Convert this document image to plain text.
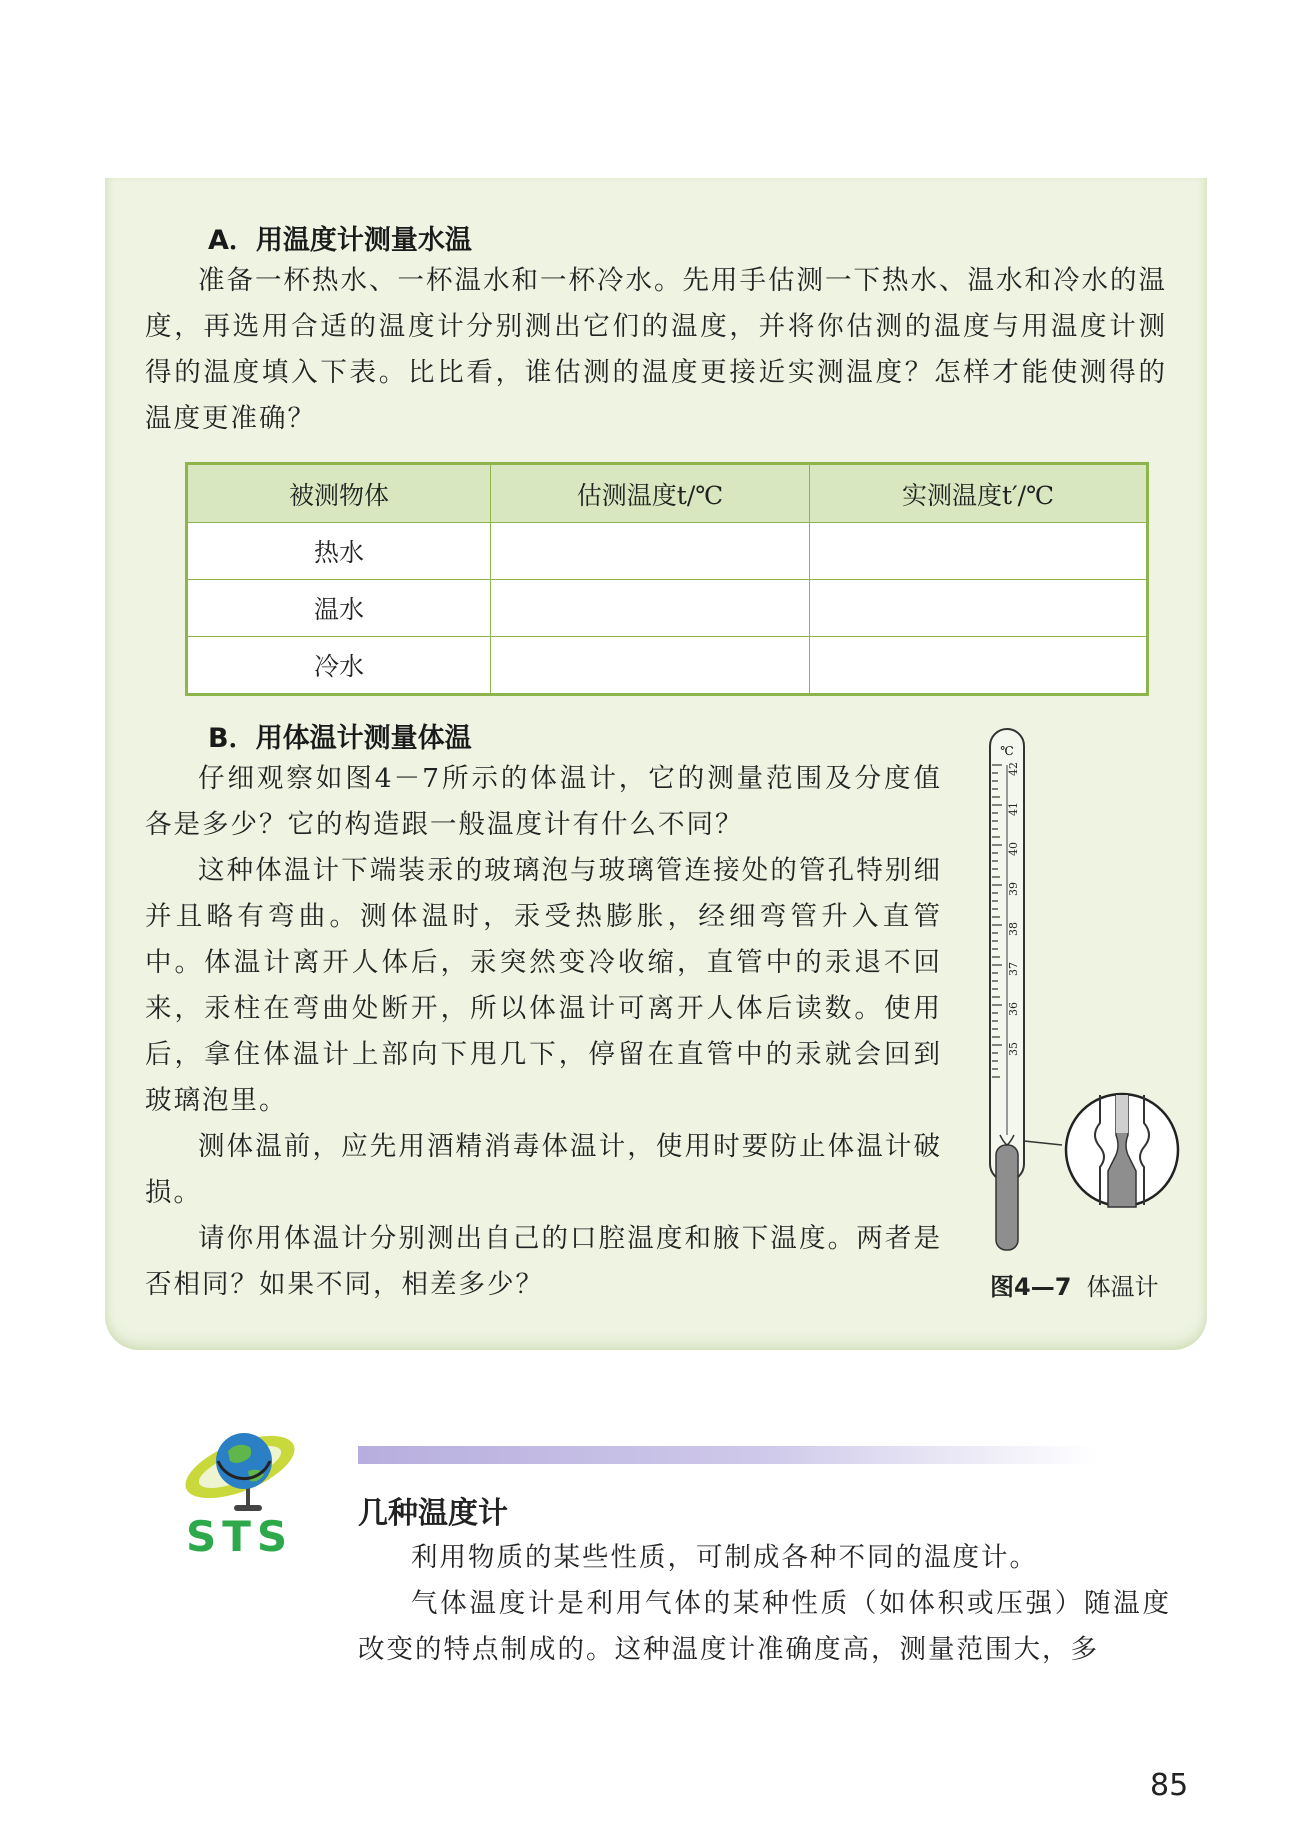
A．用温度计测量水温

准备一杯热水、一杯温水和一杯冷水。先用手估测一下热水、温水和冷水的温度，再选用合适的温度计分别测出它们的温度，并将你估测的温度与用温度计测得的温度填入下表。比比看，谁估测的温度更接近实测温度？怎样才能使测得的温度更准确？

被测物体	估测温度t/℃	实测温度t′/℃
热水		
温水		
冷水		
B．用体温计测量体温

仔细观察如图4－7所示的体温计，它的测量范围及分度值各是多少？它的构造跟一般温度计有什么不同？

这种体温计下端装汞的玻璃泡与玻璃管连接处的管孔特别细并且略有弯曲。测体温时，汞受热膨胀，经细弯管升入直管中。体温计离开人体后，汞突然变冷收缩，直管中的汞退不回来，汞柱在弯曲处断开，所以体温计可离开人体后读数。使用后，拿住体温计上部向下甩几下，停留在直管中的汞就会回到玻璃泡里。

测体温前，应先用酒精消毒体温计，使用时要防止体温计破损。

请你用体温计分别测出自己的口腔温度和腋下温度。两者是否相同？如果不同，相差多少？

℃
42
41
40
39
38
37
36
35
图4—7 体温计
STS 几种温度计

利用物质的某些性质，可制成各种不同的温度计。

气体温度计是利用气体的某种性质（如体积或压强）随温度改变的特点制成的。这种温度计准确度高，测量范围大，多

85
